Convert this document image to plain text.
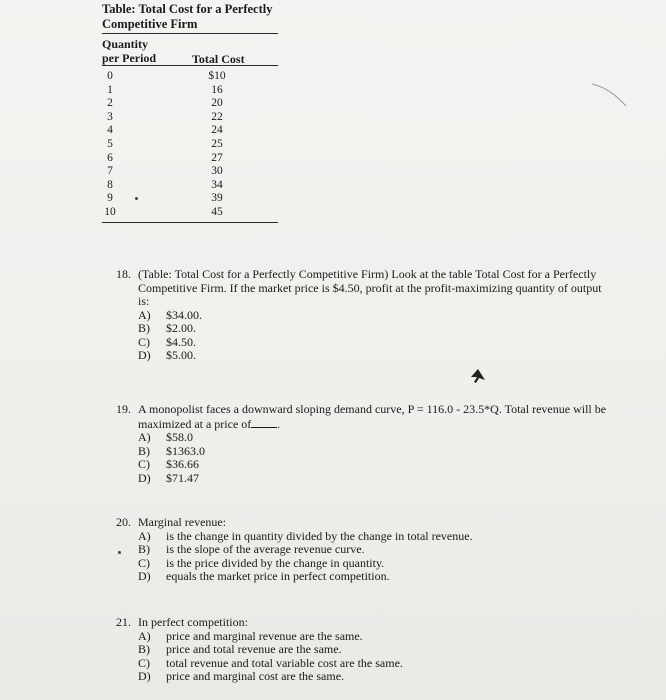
Table: Total Cost for a Perfectly
Competitive Firm
Quantity
per Period	Total Cost
0	$10
1	16
2	20
3	22
4	24
5	25
6	27
7	30
8	34
9	39
10	45
18. (Table: Total Cost for a Perfectly Competitive Firm) Look at the table Total Cost for a Perfectly Competitive Firm. If the market price is $4.50, profit at the profit-maximizing quantity of output is:
A) $34.00.
B) $2.00.
C) $4.50.
D) $5.00.
19. A monopolist faces a downward sloping demand curve, P = 116.0 - 23.5*Q. Total revenue will be maximized at a price of .
A) $58.0
B) $1363.0
C) $36.66
D) $71.47
20. Marginal revenue:
A) is the change in quantity divided by the change in total revenue.
B) is the slope of the average revenue curve.
C) is the price divided by the change in quantity.
D) equals the market price in perfect competition.
21. In perfect competition:
A) price and marginal revenue are the same.
B) price and total revenue are the same.
C) total revenue and total variable cost are the same.
D) price and marginal cost are the same.
